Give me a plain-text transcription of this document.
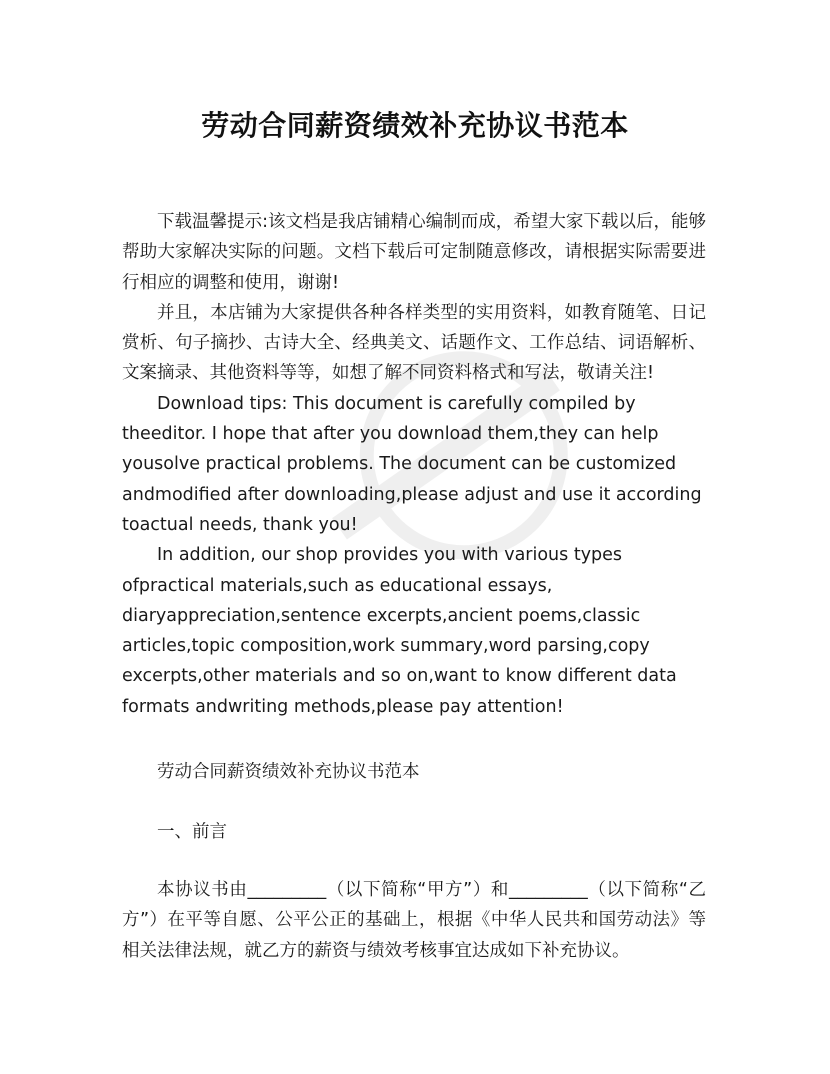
劳动合同薪资绩效补充协议书范本

下载温馨提示:该文档是我店铺精心编制而成，希望大家下载以后，能够帮助大家解决实际的问题。文档下载后可定制随意修改，请根据实际需要进行相应的调整和使用，谢谢!

并且，本店铺为大家提供各种各样类型的实用资料，如教育随笔、日记赏析、句子摘抄、古诗大全、经典美文、话题作文、工作总结、词语解析、文案摘录、其他资料等等，如想了解不同资料格式和写法，敬请关注!

Download tips: This document is carefully compiled by theeditor. I hope that after you download them,they can help yousolve practical problems. The document can be customized andmodified after downloading,please adjust and use it according toactual needs, thank you!

In addition, our shop provides you with various types ofpractical materials,such as educational essays, diaryappreciation,sentence excerpts,ancient poems,classic articles,topic composition,work summary,word parsing,copy excerpts,other materials and so on,want to know different data formats andwriting methods,please pay attention!

劳动合同薪资绩效补充协议书范本

一、前言

本协议书由_________（以下简称“甲方”）和_________（以下简称“乙方”）在平等自愿、公平公正的基础上，根据《中华人民共和国劳动法》等相关法律法规，就乙方的薪资与绩效考核事宜达成如下补充协议。
